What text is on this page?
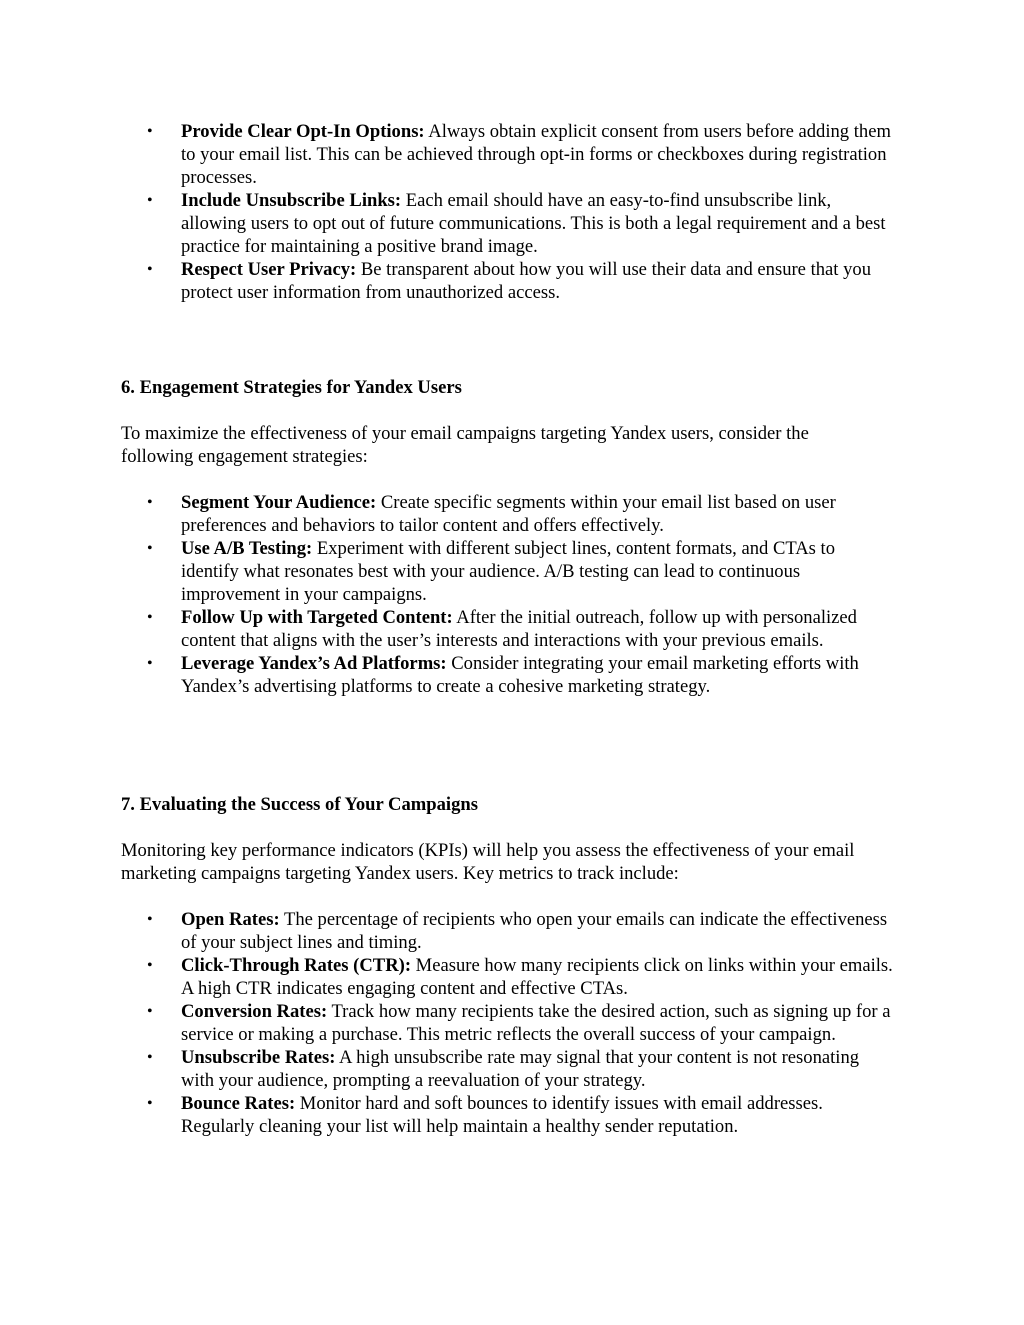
• Provide Clear Opt-In Options: Always obtain explicit consent from users before adding them to your email list. This can be achieved through opt-in forms or checkboxes during registration processes.
• Include Unsubscribe Links: Each email should have an easy-to-find unsubscribe link, allowing users to opt out of future communications. This is both a legal requirement and a best practice for maintaining a positive brand image.
• Respect User Privacy: Be transparent about how you will use their data and ensure that you protect user information from unauthorized access.
6. Engagement Strategies for Yandex Users

To maximize the effectiveness of your email campaigns targeting Yandex users, consider the following engagement strategies:

• Segment Your Audience: Create specific segments within your email list based on user preferences and behaviors to tailor content and offers effectively.
• Use A/B Testing: Experiment with different subject lines, content formats, and CTAs to identify what resonates best with your audience. A/B testing can lead to continuous improvement in your campaigns.
• Follow Up with Targeted Content: After the initial outreach, follow up with personalized content that aligns with the user’s interests and interactions with your previous emails.
• Leverage Yandex’s Ad Platforms: Consider integrating your email marketing efforts with Yandex’s advertising platforms to create a cohesive marketing strategy.
7. Evaluating the Success of Your Campaigns

Monitoring key performance indicators (KPIs) will help you assess the effectiveness of your email marketing campaigns targeting Yandex users. Key metrics to track include:

• Open Rates: The percentage of recipients who open your emails can indicate the effectiveness of your subject lines and timing.
• Click-Through Rates (CTR): Measure how many recipients click on links within your emails. A high CTR indicates engaging content and effective CTAs.
• Conversion Rates: Track how many recipients take the desired action, such as signing up for a service or making a purchase. This metric reflects the overall success of your campaign.
• Unsubscribe Rates: A high unsubscribe rate may signal that your content is not resonating with your audience, prompting a reevaluation of your strategy.
• Bounce Rates: Monitor hard and soft bounces to identify issues with email addresses. Regularly cleaning your list will help maintain a healthy sender reputation.
